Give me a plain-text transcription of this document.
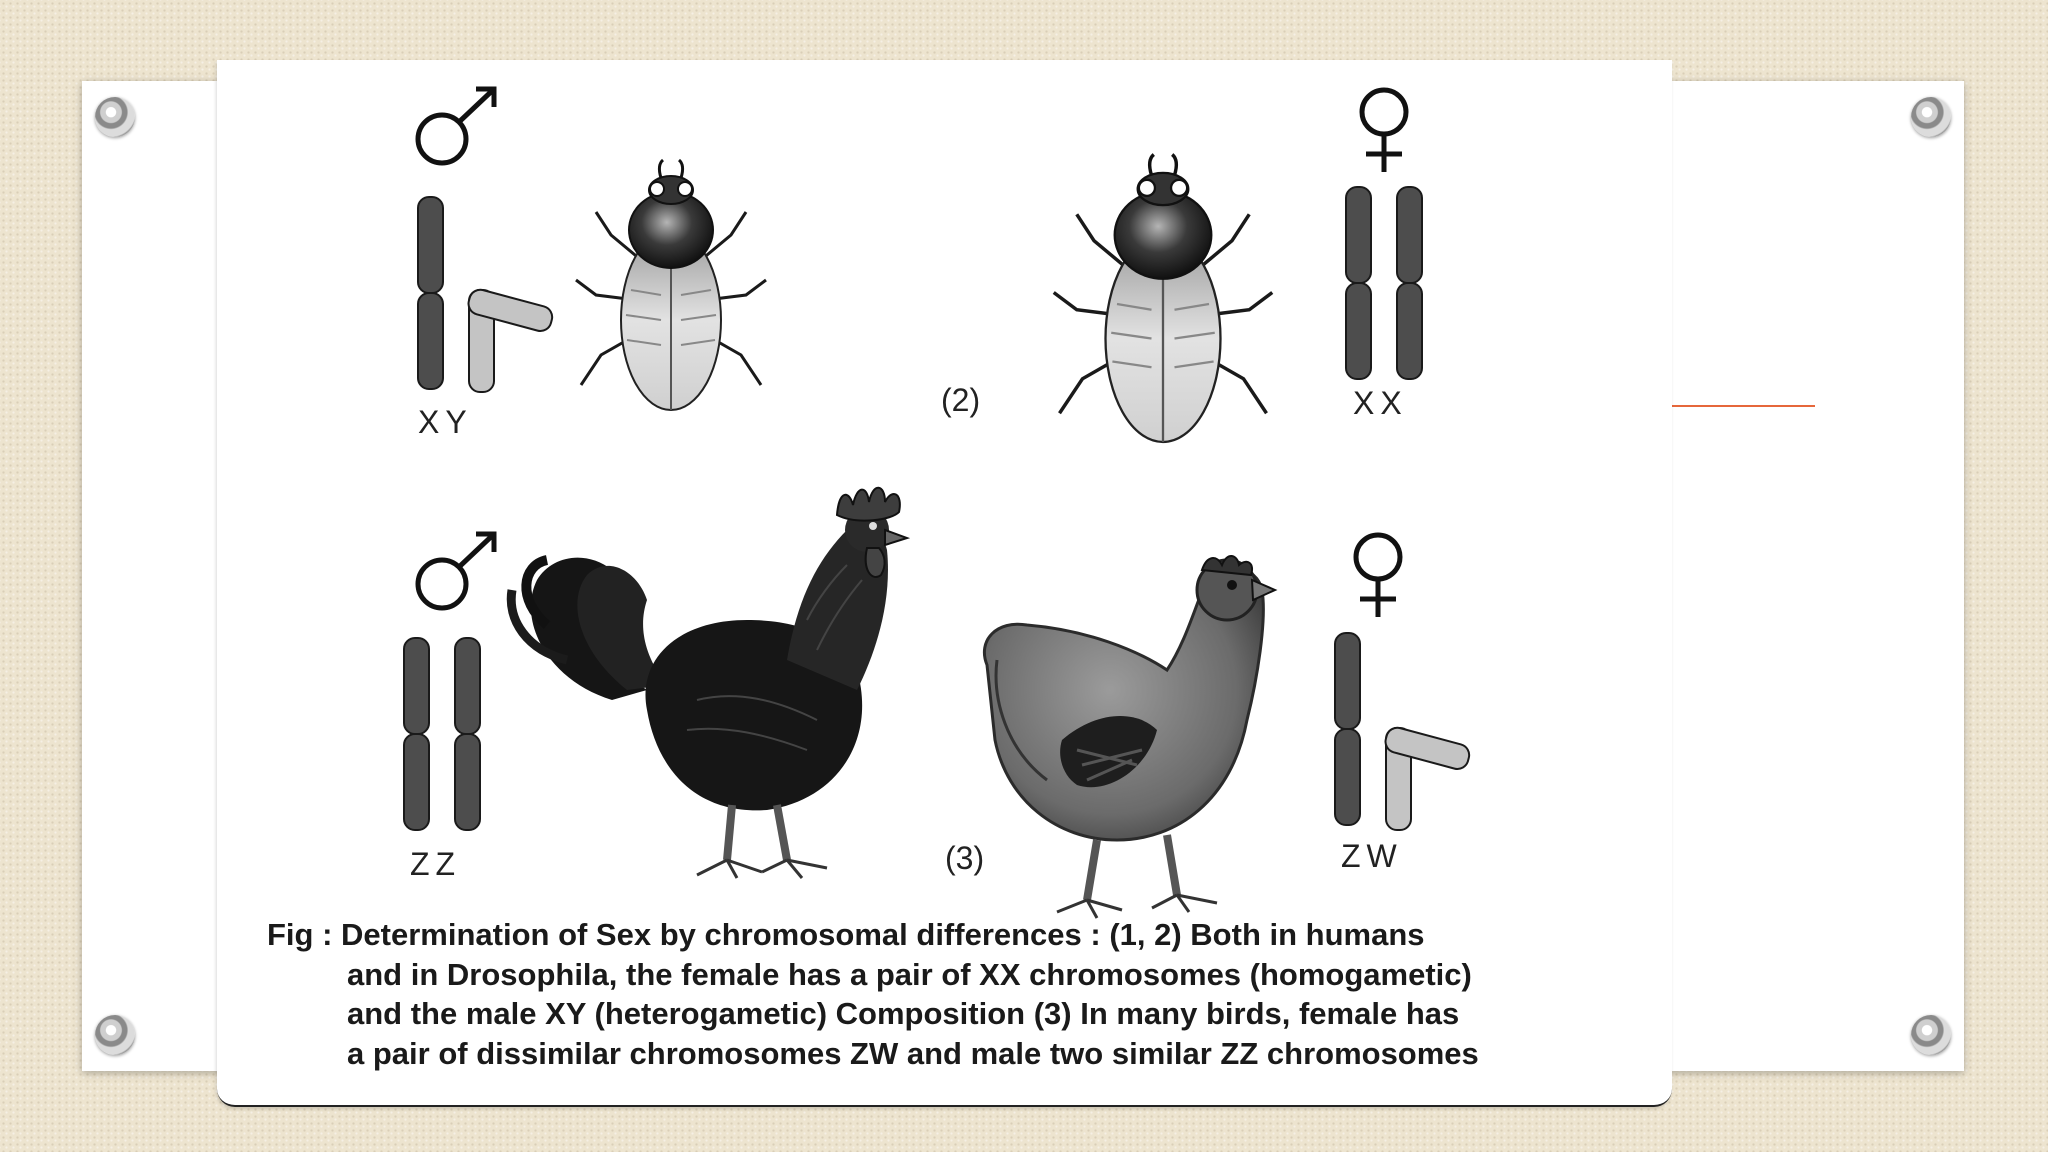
XY
(2)	XX
ZZ	(3)	ZW
Fig : Determination of Sex by chromosomal differences : (1, 2) Both in humans
and in Drosophila, the female has a pair of XX chromosomes (homogametic)
and the male XY (heterogametic) Composition (3) In many birds, female has
a pair of dissimilar chromosomes ZW and male two similar ZZ chromosomes
